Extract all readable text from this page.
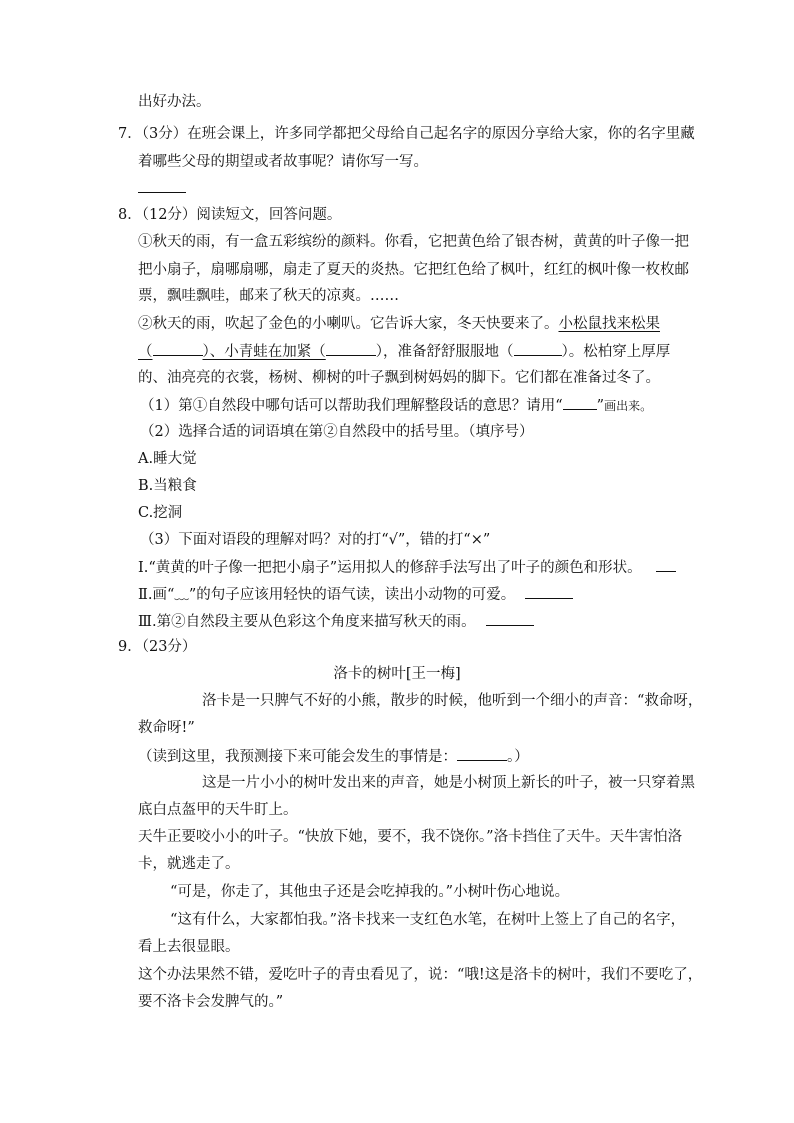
出好办法。
7．（3分）在班会课上，许多同学都把父母给自己起名字的原因分享给大家，你的名字里藏
着哪些父母的期望或者故事呢？请你写一写。
8．（12分）阅读短文，回答问题。
①秋天的雨，有一盒五彩缤纷的颜料。你看，它把黄色给了银杏树，黄黄的叶子像一把
把小扇子，扇哪扇哪，扇走了夏天的炎热。它把红色给了枫叶，红红的枫叶像一枚枚邮
票，飘哇飘哇，邮来了秋天的凉爽。……
②秋天的雨，吹起了金色的小喇叭。它告诉大家，冬天快要来了。小松鼠找来松果
（	）、小青蛙在加紧（	），准备舒舒服服地（	）。松柏穿上厚厚
的、油亮亮的衣裳，杨树、柳树的叶子飘到树妈妈的脚下。它们都在准备过冬了。
（1）第①自然段中哪句话可以帮助我们理解整段话的意思？请用“ ”画出来。
（2）选择合适的词语填在第②自然段中的括号里。（填序号）
A.睡大觉
B.当粮食
C.挖洞
（3）下面对语段的理解对吗？对的打“√”，错的打“×”
Ⅰ.“黄黄的叶子像一把把小扇子”运用拟人的修辞手法写出了叶子的颜色和形状。
Ⅱ.画“﹏”的句子应该用轻快的语气读，读出小动物的可爱。
Ⅲ.第②自然段主要从色彩这个角度来描写秋天的雨。
9．（23分）
洛卡的树叶[王一梅]
洛卡是一只脾气不好的小熊，散步的时候，他听到一个细小的声音：“救命呀，
救命呀!”
（读到这里，我预测接下来可能会发生的事情是：	。）
这是一片小小的树叶发出来的声音，她是小树顶上新长的叶子，被一只穿着黑
底白点盔甲的天牛盯上。
天牛正要咬小小的叶子。“快放下她，要不，我不饶你。”洛卡挡住了天牛。天牛害怕洛
卡，就逃走了。
“可是，你走了，其他虫子还是会吃掉我的。”小树叶伤心地说。
“这有什么，大家都怕我。”洛卡找来一支红色水笔，在树叶上签上了自己的名字，
看上去很显眼。
这个办法果然不错，爱吃叶子的青虫看见了，说：“哦!这是洛卡的树叶，我们不要吃了，
要不洛卡会发脾气的。”
